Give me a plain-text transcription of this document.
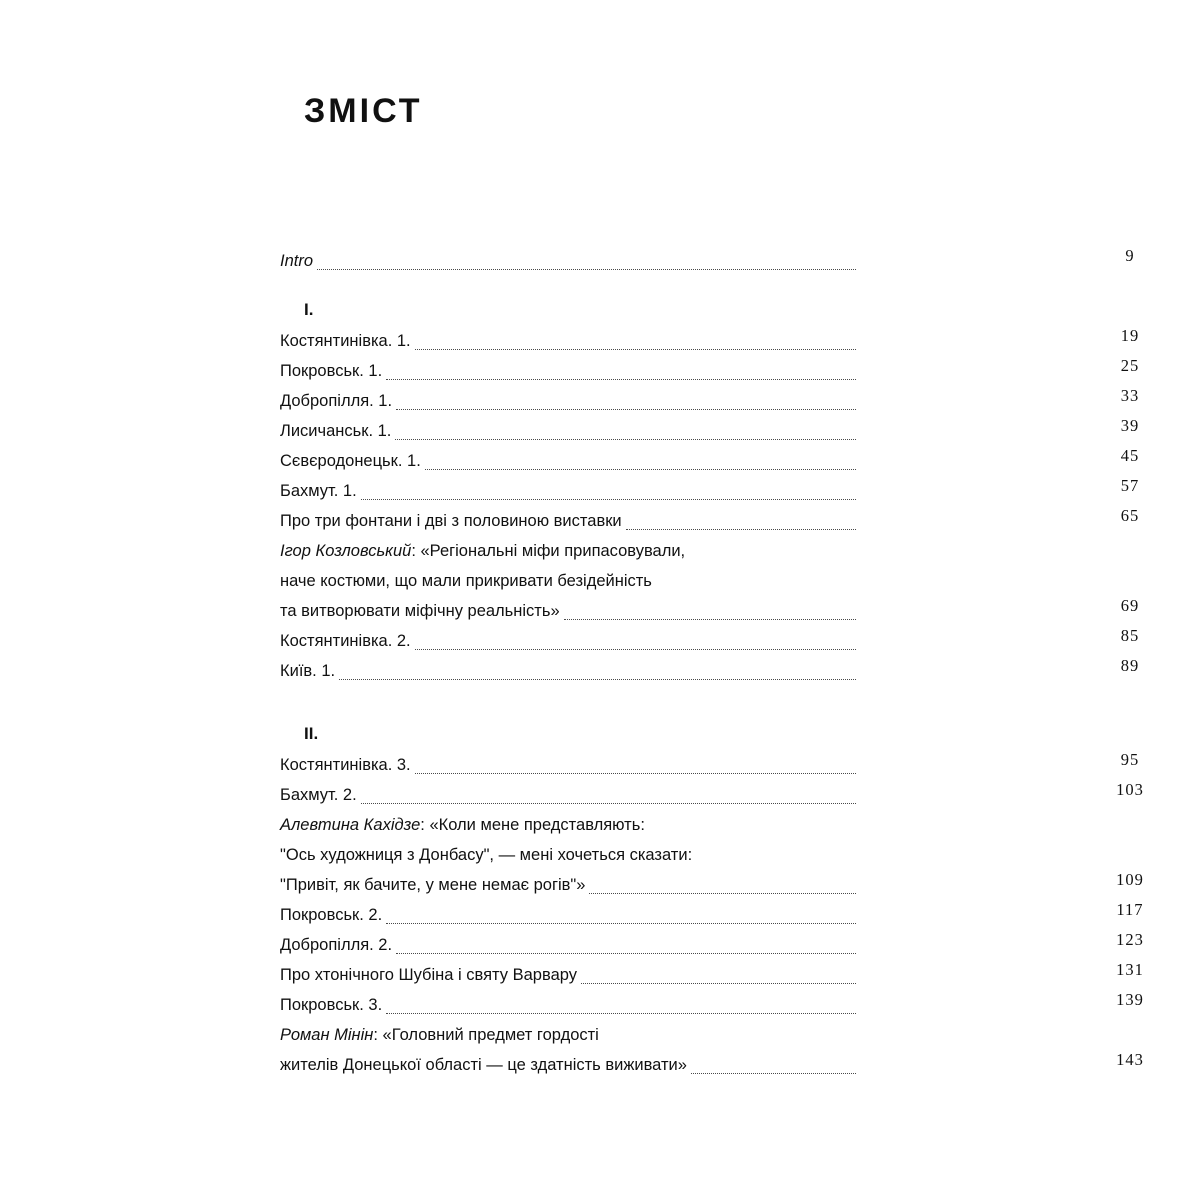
ЗМІСТ
Intro	9
I.
Костянтинівка. 1.	19
Покровськ. 1.	25
Добропілля. 1.	33
Лисичанськ. 1.	39
Сєвєродонецьк. 1.	45
Бахмут. 1.	57
Про три фонтани і дві з половиною виставки	65
Ігор Козловський: «Регіональні міфи припасовували,
наче костюми, що мали прикривати безідейність
та витворювати міфічну реальність»	69
Костянтинівка. 2.	85
Київ. 1.	89
II.
Костянтинівка. 3.	95
Бахмут. 2.	103
Алевтина Кахідзе: «Коли мене представляють:
"Ось художниця з Донбасу", — мені хочеться сказати:
"Привіт, як бачите, у мене немає рогів"»	109
Покровськ. 2.	117
Добропілля. 2.	123
Про хтонічного Шубіна і святу Варвару	131
Покровськ. 3.	139
Роман Мінін: «Головний предмет гордості
жителів Донецької області — це здатність виживати»	143
